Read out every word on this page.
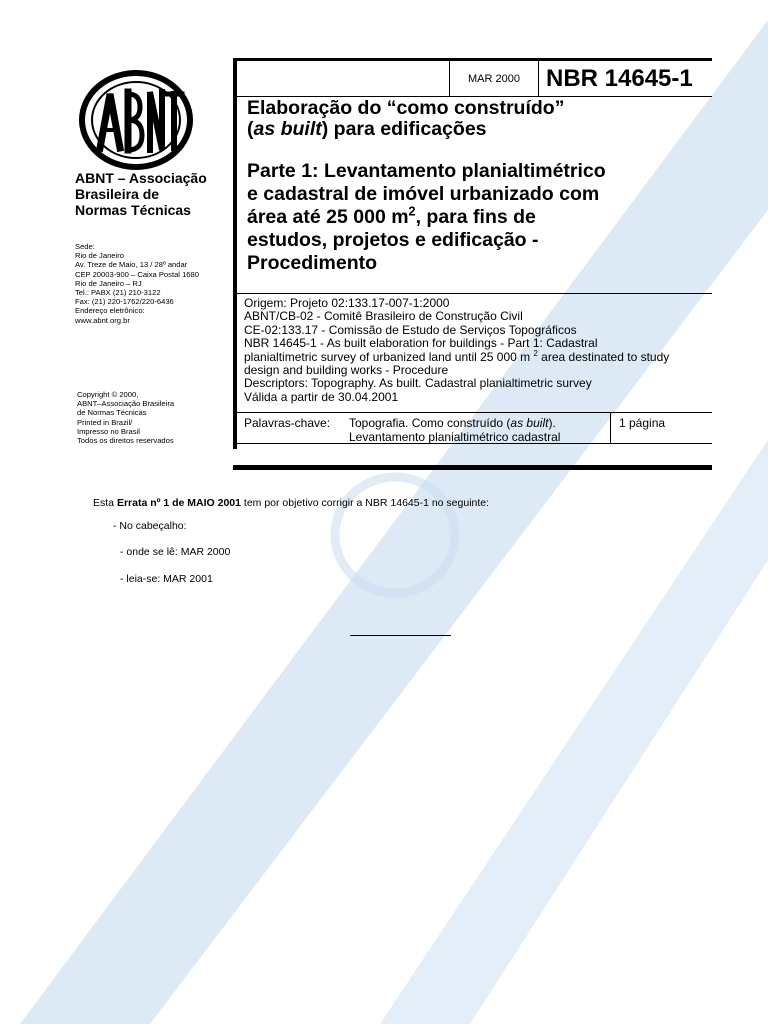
ABNT – Associação
Brasileira de
Normas Técnicas
Sede:
Rio de Janeiro
Av. Treze de Maio, 13 / 28º andar
CEP 20003-900 – Caixa Postal 1680
Rio de Janeiro – RJ
Tel.: PABX (21) 210-3122
Fax: (21) 220-1762/220-6436
Endereço eletrônico:
www.abnt.org.br
Copyright © 2000,
ABNT–Associação Brasileira
de Normas Técnicas
Printed in Brazil/
Impresso no Brasil
Todos os direitos reservados
MAR 2000	NBR 14645-1
Elaboração do “como construído”
(as built) para edificações
Parte 1: Levantamento planialtimétrico
e cadastral de imóvel urbanizado com
área até 25 000 $m^2$, para fins de
estudos, projetos e edificação -
Procedimento
Origem: Projeto 02:133.17-007-1:2000
ABNT/CB-02 - Comitê Brasileiro de Construção Civil
CE-02:133.17 - Comissão de Estudo de Serviços Topográficos
NBR 14645-1 - As built elaboration for buildings - Part 1: Cadastral
planialtimetric survey of urbanized land until 25 000 m $^2$ area destinated to study
design and building works - Procedure
Descriptors: Topography. As built. Cadastral planialtimetric survey
Válida a partir de 30.04.2001
Palavras-chave: Topografia. Como construído (as built).
Levantamento planialtimétrico cadastral
1 página
Esta Errata nº 1 de MAIO 2001 tem por objetivo corrigir a NBR 14645-1 no seguinte:
- No cabeçalho:
- onde se lê: MAR 2000
- leia-se: MAR 2001
